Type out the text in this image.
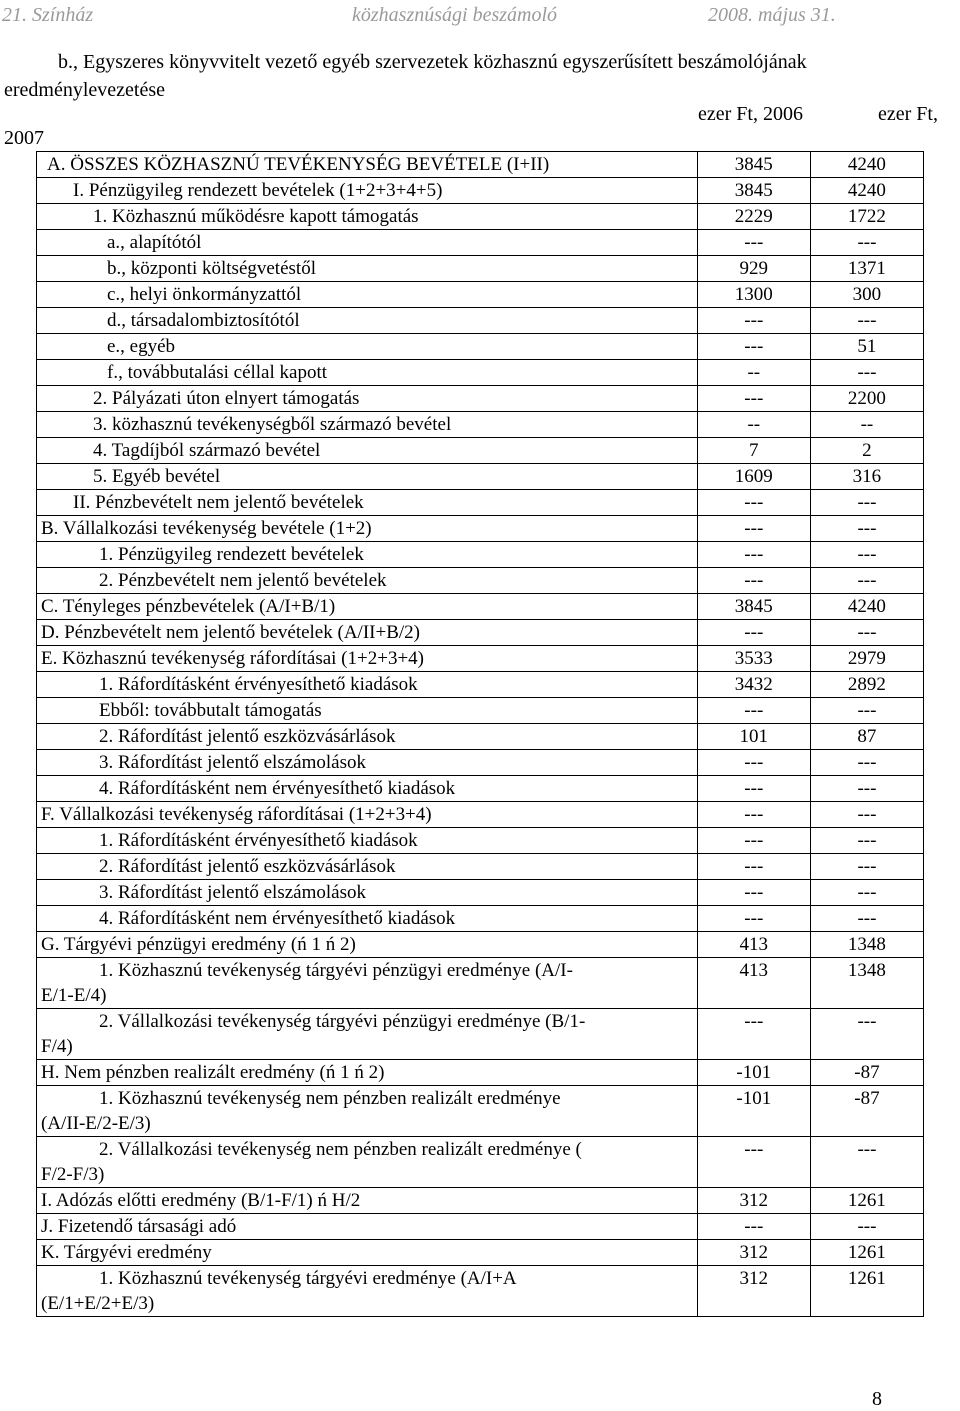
21. Színház	közhasznúsági beszámoló	2008. május 31.
b., Egyszeres könyvvitelt vezető egyéb szervezetek közhasznú egyszerűsített beszámolójának
eredménylevezetése
ezer Ft, 2006	ezer Ft,
2007
A. ÖSSZES KÖZHASZNÚ TEVÉKENYSÉG BEVÉTELE (I+II)	3845	4240

I. Pénzügyileg rendezett bevételek (1+2+3+4+5)	3845	4240

1. Közhasznú működésre kapott támogatás	2229	1722

a., alapítótól	---	---

b., központi költségvetéstől	929	1371

c., helyi önkormányzattól	1300	300

d., társadalombiztosítótól	---	---

e., egyéb	---	51

f., továbbutalási céllal kapott	--	---

2. Pályázati úton elnyert támogatás	---	2200

3. közhasznú tevékenységből származó bevétel	--	--

4. Tagdíjból származó bevétel	7	2

5. Egyéb bevétel	1609	316

II. Pénzbevételt nem jelentő bevételek	---	---

B. Vállalkozási tevékenység bevétele (1+2)	---	---

1. Pénzügyileg rendezett bevételek	---	---

2. Pénzbevételt nem jelentő bevételek	---	---

C. Tényleges pénzbevételek (A/I+B/1)	3845	4240

D. Pénzbevételt nem jelentő bevételek (A/II+B/2)	---	---

E. Közhasznú tevékenység ráfordításai (1+2+3+4)	3533	2979

1. Ráfordításként érvényesíthető kiadások	3432	2892

Ebből: továbbutalt támogatás	---	---

2. Ráfordítást jelentő eszközvásárlások	101	87

3. Ráfordítást jelentő elszámolások	---	---

4. Ráfordításként nem érvényesíthető kiadások	---	---

F. Vállalkozási tevékenység ráfordításai (1+2+3+4)	---	---

1. Ráfordításként érvényesíthető kiadások	---	---

2. Ráfordítást jelentő eszközvásárlások	---	---

3. Ráfordítást jelentő elszámolások	---	---

4. Ráfordításként nem érvényesíthető kiadások	---	---

G. Tárgyévi pénzügyi eredmény (ń 1 ń 2)	413	1348

1. Közhasznú tevékenység tárgyévi pénzügyi eredménye (A/I-
E/1-E/4)	413	1348

2. Vállalkozási tevékenység tárgyévi pénzügyi eredménye (B/1-
F/4)	---	---

H. Nem pénzben realizált eredmény (ń 1 ń 2)	-101	-87

1. Közhasznú tevékenység nem pénzben realizált eredménye
(A/II-E/2-E/3)	-101	-87

2. Vállalkozási tevékenység nem pénzben realizált eredménye (
F/2-F/3)	---	---

I. Adózás előtti eredmény (B/1-F/1) ń H/2	312	1261

J. Fizetendő társasági adó	---	---

K. Tárgyévi eredmény	312	1261

1. Közhasznú tevékenység tárgyévi eredménye (A/I+A
(E/1+E/2+E/3)	312	1261
8
